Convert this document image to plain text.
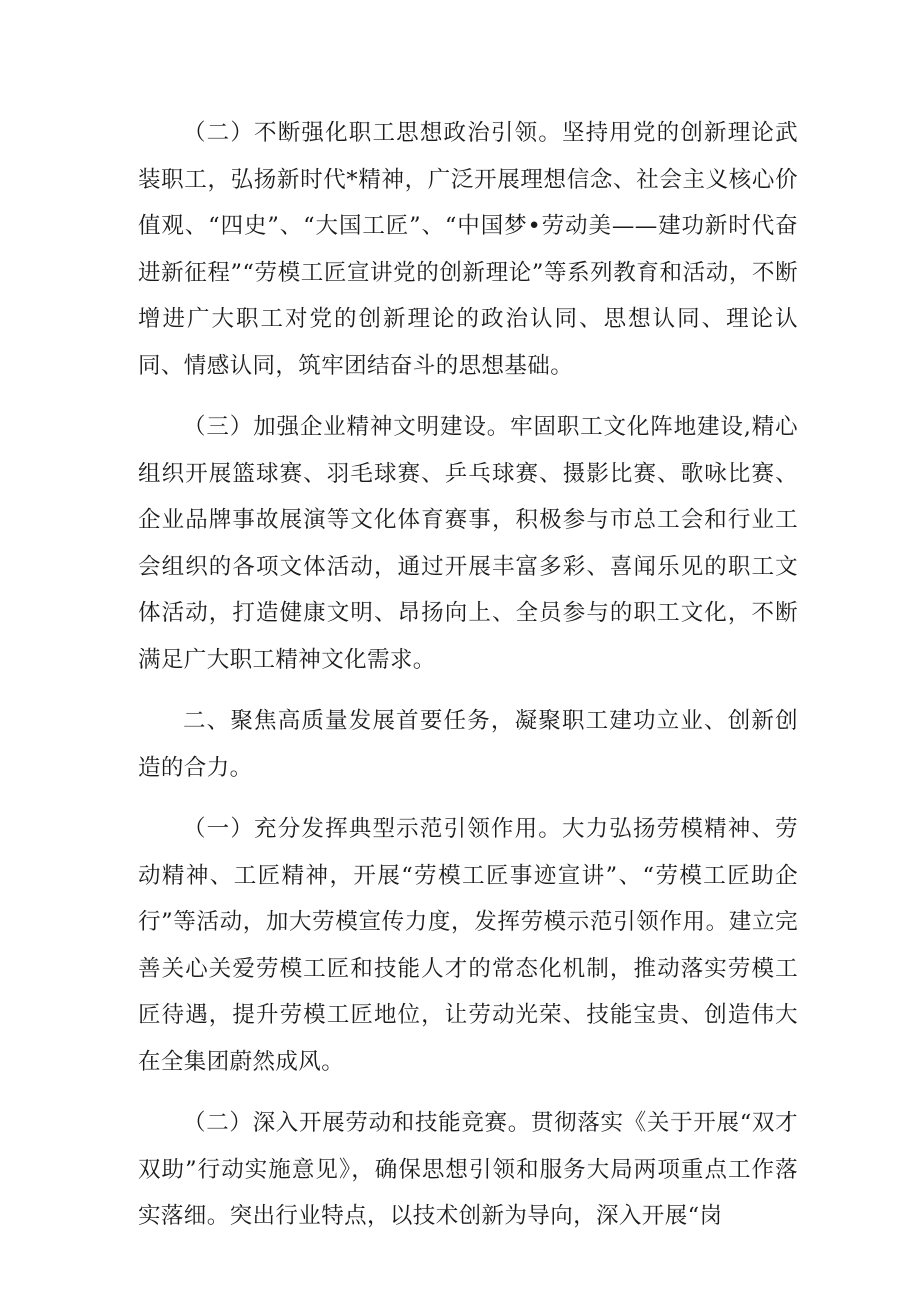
（二）不断强化职工思想政治引领。坚持用党的创新理论武装职工，弘扬新时代*精神，广泛开展理想信念、社会主义核心价值观、“四史”、“大国工匠”、“中国梦•劳动美——建功新时代奋进新征程”“劳模工匠宣讲党的创新理论”等系列教育和活动，不断增进广大职工对党的创新理论的政治认同、思想认同、理论认同、情感认同，筑牢团结奋斗的思想基础。

（三）加强企业精神文明建设。牢固职工文化阵地建设,精心组织开展篮球赛、羽毛球赛、乒乓球赛、摄影比赛、歌咏比赛、企业品牌事故展演等文化体育赛事，积极参与市总工会和行业工会组织的各项文体活动，通过开展丰富多彩、喜闻乐见的职工文体活动，打造健康文明、昂扬向上、全员参与的职工文化，不断满足广大职工精神文化需求。

二、聚焦高质量发展首要任务，凝聚职工建功立业、创新创造的合力。

（一）充分发挥典型示范引领作用。大力弘扬劳模精神、劳动精神、工匠精神，开展“劳模工匠事迹宣讲”、“劳模工匠助企行”等活动，加大劳模宣传力度，发挥劳模示范引领作用。建立完善关心关爱劳模工匠和技能人才的常态化机制，推动落实劳模工匠待遇，提升劳模工匠地位，让劳动光荣、技能宝贵、创造伟大在全集团蔚然成风。

（二）深入开展劳动和技能竞赛。贯彻落实《关于开展“双才双助”行动实施意见》，确保思想引领和服务大局两项重点工作落实落细。突出行业特点，以技术创新为导向，深入开展“岗
